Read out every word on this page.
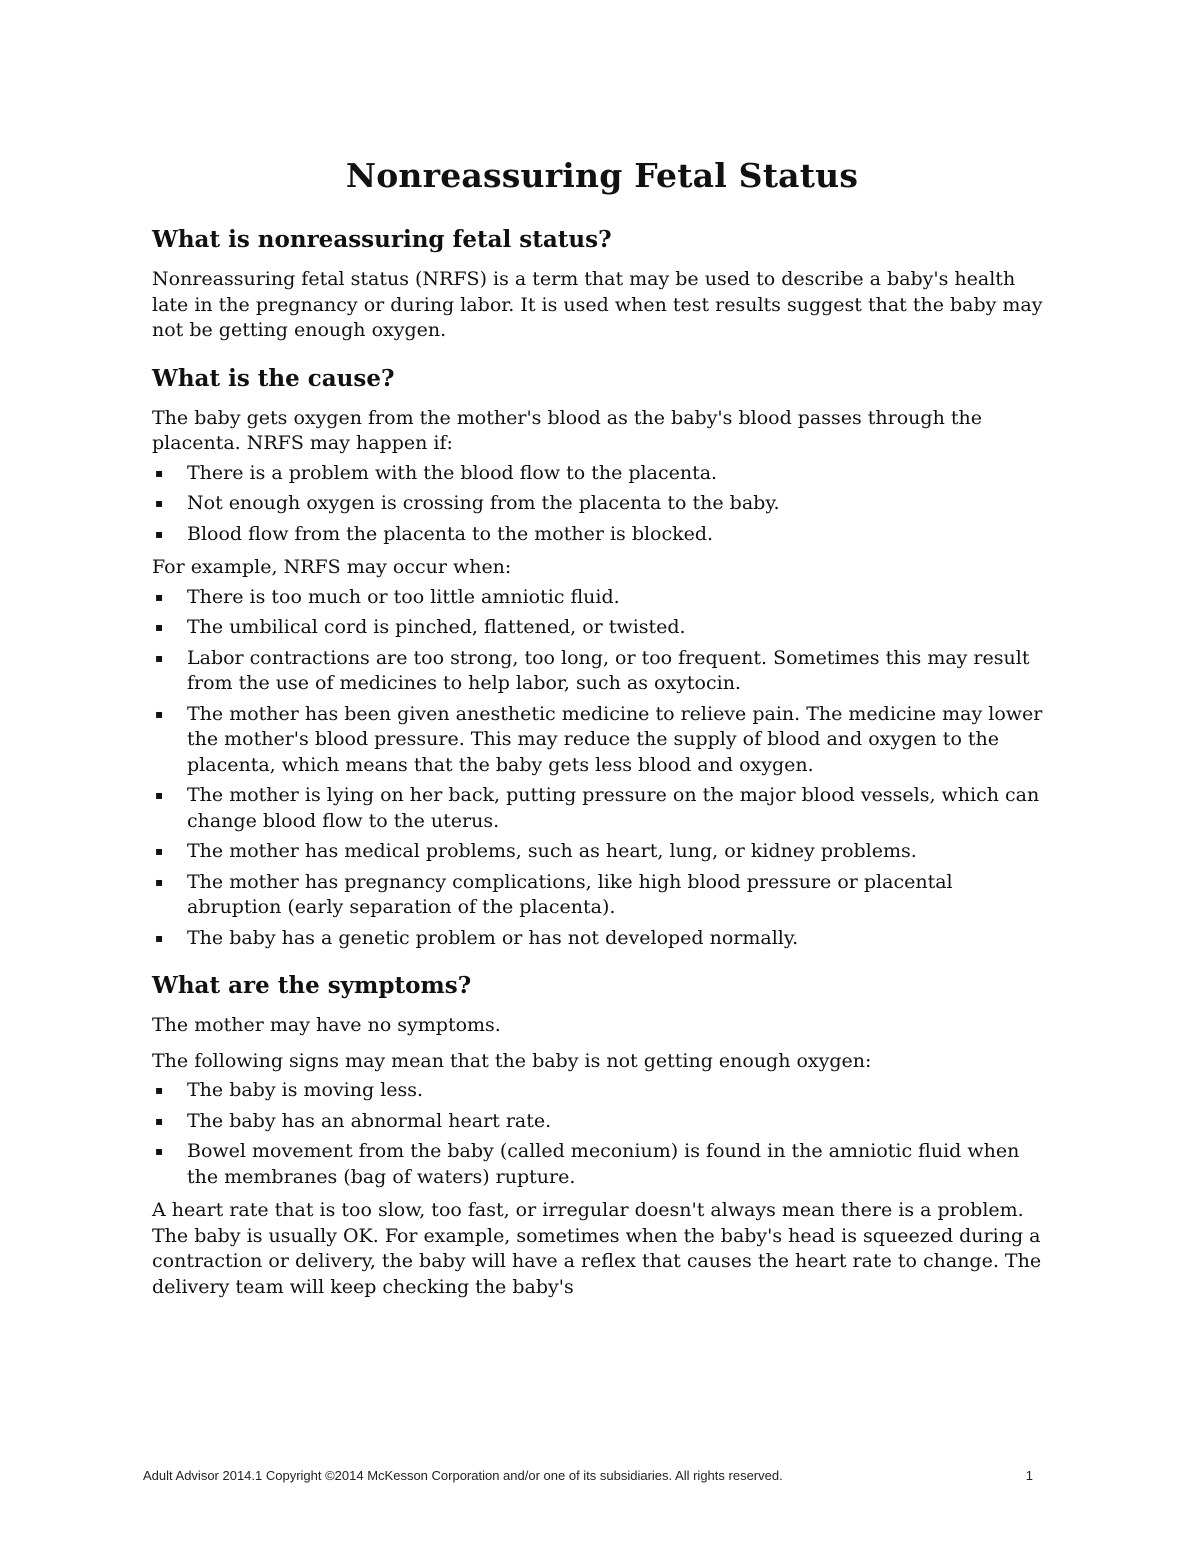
Nonreassuring Fetal Status
What is nonreassuring fetal status?

Nonreassuring fetal status (NRFS) is a term that may be used to describe a baby's health late in the pregnancy or during labor. It is used when test results suggest that the baby may not be getting enough oxygen.

What is the cause?

The baby gets oxygen from the mother's blood as the baby's blood passes through the placenta. NRFS may happen if:

▪ There is a problem with the blood flow to the placenta.
▪ Not enough oxygen is crossing from the placenta to the baby.
▪ Blood flow from the placenta to the mother is blocked.

For example, NRFS may occur when:

▪ There is too much or too little amniotic fluid.
▪ The umbilical cord is pinched, flattened, or twisted.
▪ Labor contractions are too strong, too long, or too frequent. Sometimes this may result from the use of medicines to help labor, such as oxytocin.
▪ The mother has been given anesthetic medicine to relieve pain. The medicine may lower the mother's blood pressure. This may reduce the supply of blood and oxygen to the placenta, which means that the baby gets less blood and oxygen.
▪ The mother is lying on her back, putting pressure on the major blood vessels, which can change blood flow to the uterus.
▪ The mother has medical problems, such as heart, lung, or kidney problems.
▪ The mother has pregnancy complications, like high blood pressure or placental abruption (early separation of the placenta).
▪ The baby has a genetic problem or has not developed normally.
What are the symptoms?

The mother may have no symptoms.

The following signs may mean that the baby is not getting enough oxygen:

▪ The baby is moving less.
▪ The baby has an abnormal heart rate.
▪ Bowel movement from the baby (called meconium) is found in the amniotic fluid when the membranes (bag of waters) rupture.

A heart rate that is too slow, too fast, or irregular doesn't always mean there is a problem. The baby is usually OK. For example, sometimes when the baby's head is squeezed during a contraction or delivery, the baby will have a reflex that causes the heart rate to change. The delivery team will keep checking the baby's

Adult Advisor 2014.1 Copyright ©2014 McKesson Corporation and/or one of its subsidiaries. All rights reserved.	1
